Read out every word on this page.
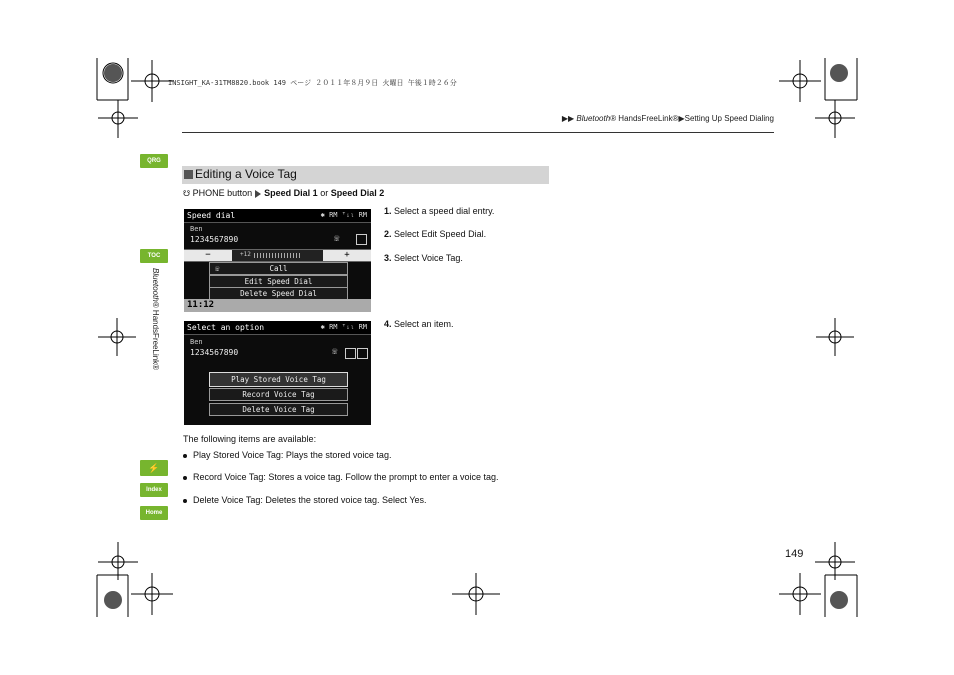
INSIGHT_KA-31TM8820.book 149 ページ ２０１１年８月９日 火曜日 午後１時２６分
▶▶ Bluetooth® HandsFreeLink®▶Setting Up Speed Dialing
QRG
TOC
⚡
Index
Home
Bluetooth® HandsFreeLink®
Editing a Voice Tag
☋ PHONE button Speed Dial 1 or Speed Dial 2
Speed dial	✱ RM ᵀᵢₗ RM
Ben
1234567890	☏
−	+12	+
☏	Call
Edit Speed Dial
Delete Speed Dial
11:12
Select an option	✱ RM ᵀᵢₗ RM
Ben
1234567890	☏
Play Stored Voice Tag
Record Voice Tag
Delete Voice Tag
1. Select a speed dial entry.
2. Select Edit Speed Dial.
3. Select Voice Tag.
4. Select an item.
The following items are available:
Play Stored Voice Tag: Plays the stored voice tag.
Record Voice Tag: Stores a voice tag. Follow the prompt to enter a voice tag.
Delete Voice Tag: Deletes the stored voice tag. Select Yes.
149
